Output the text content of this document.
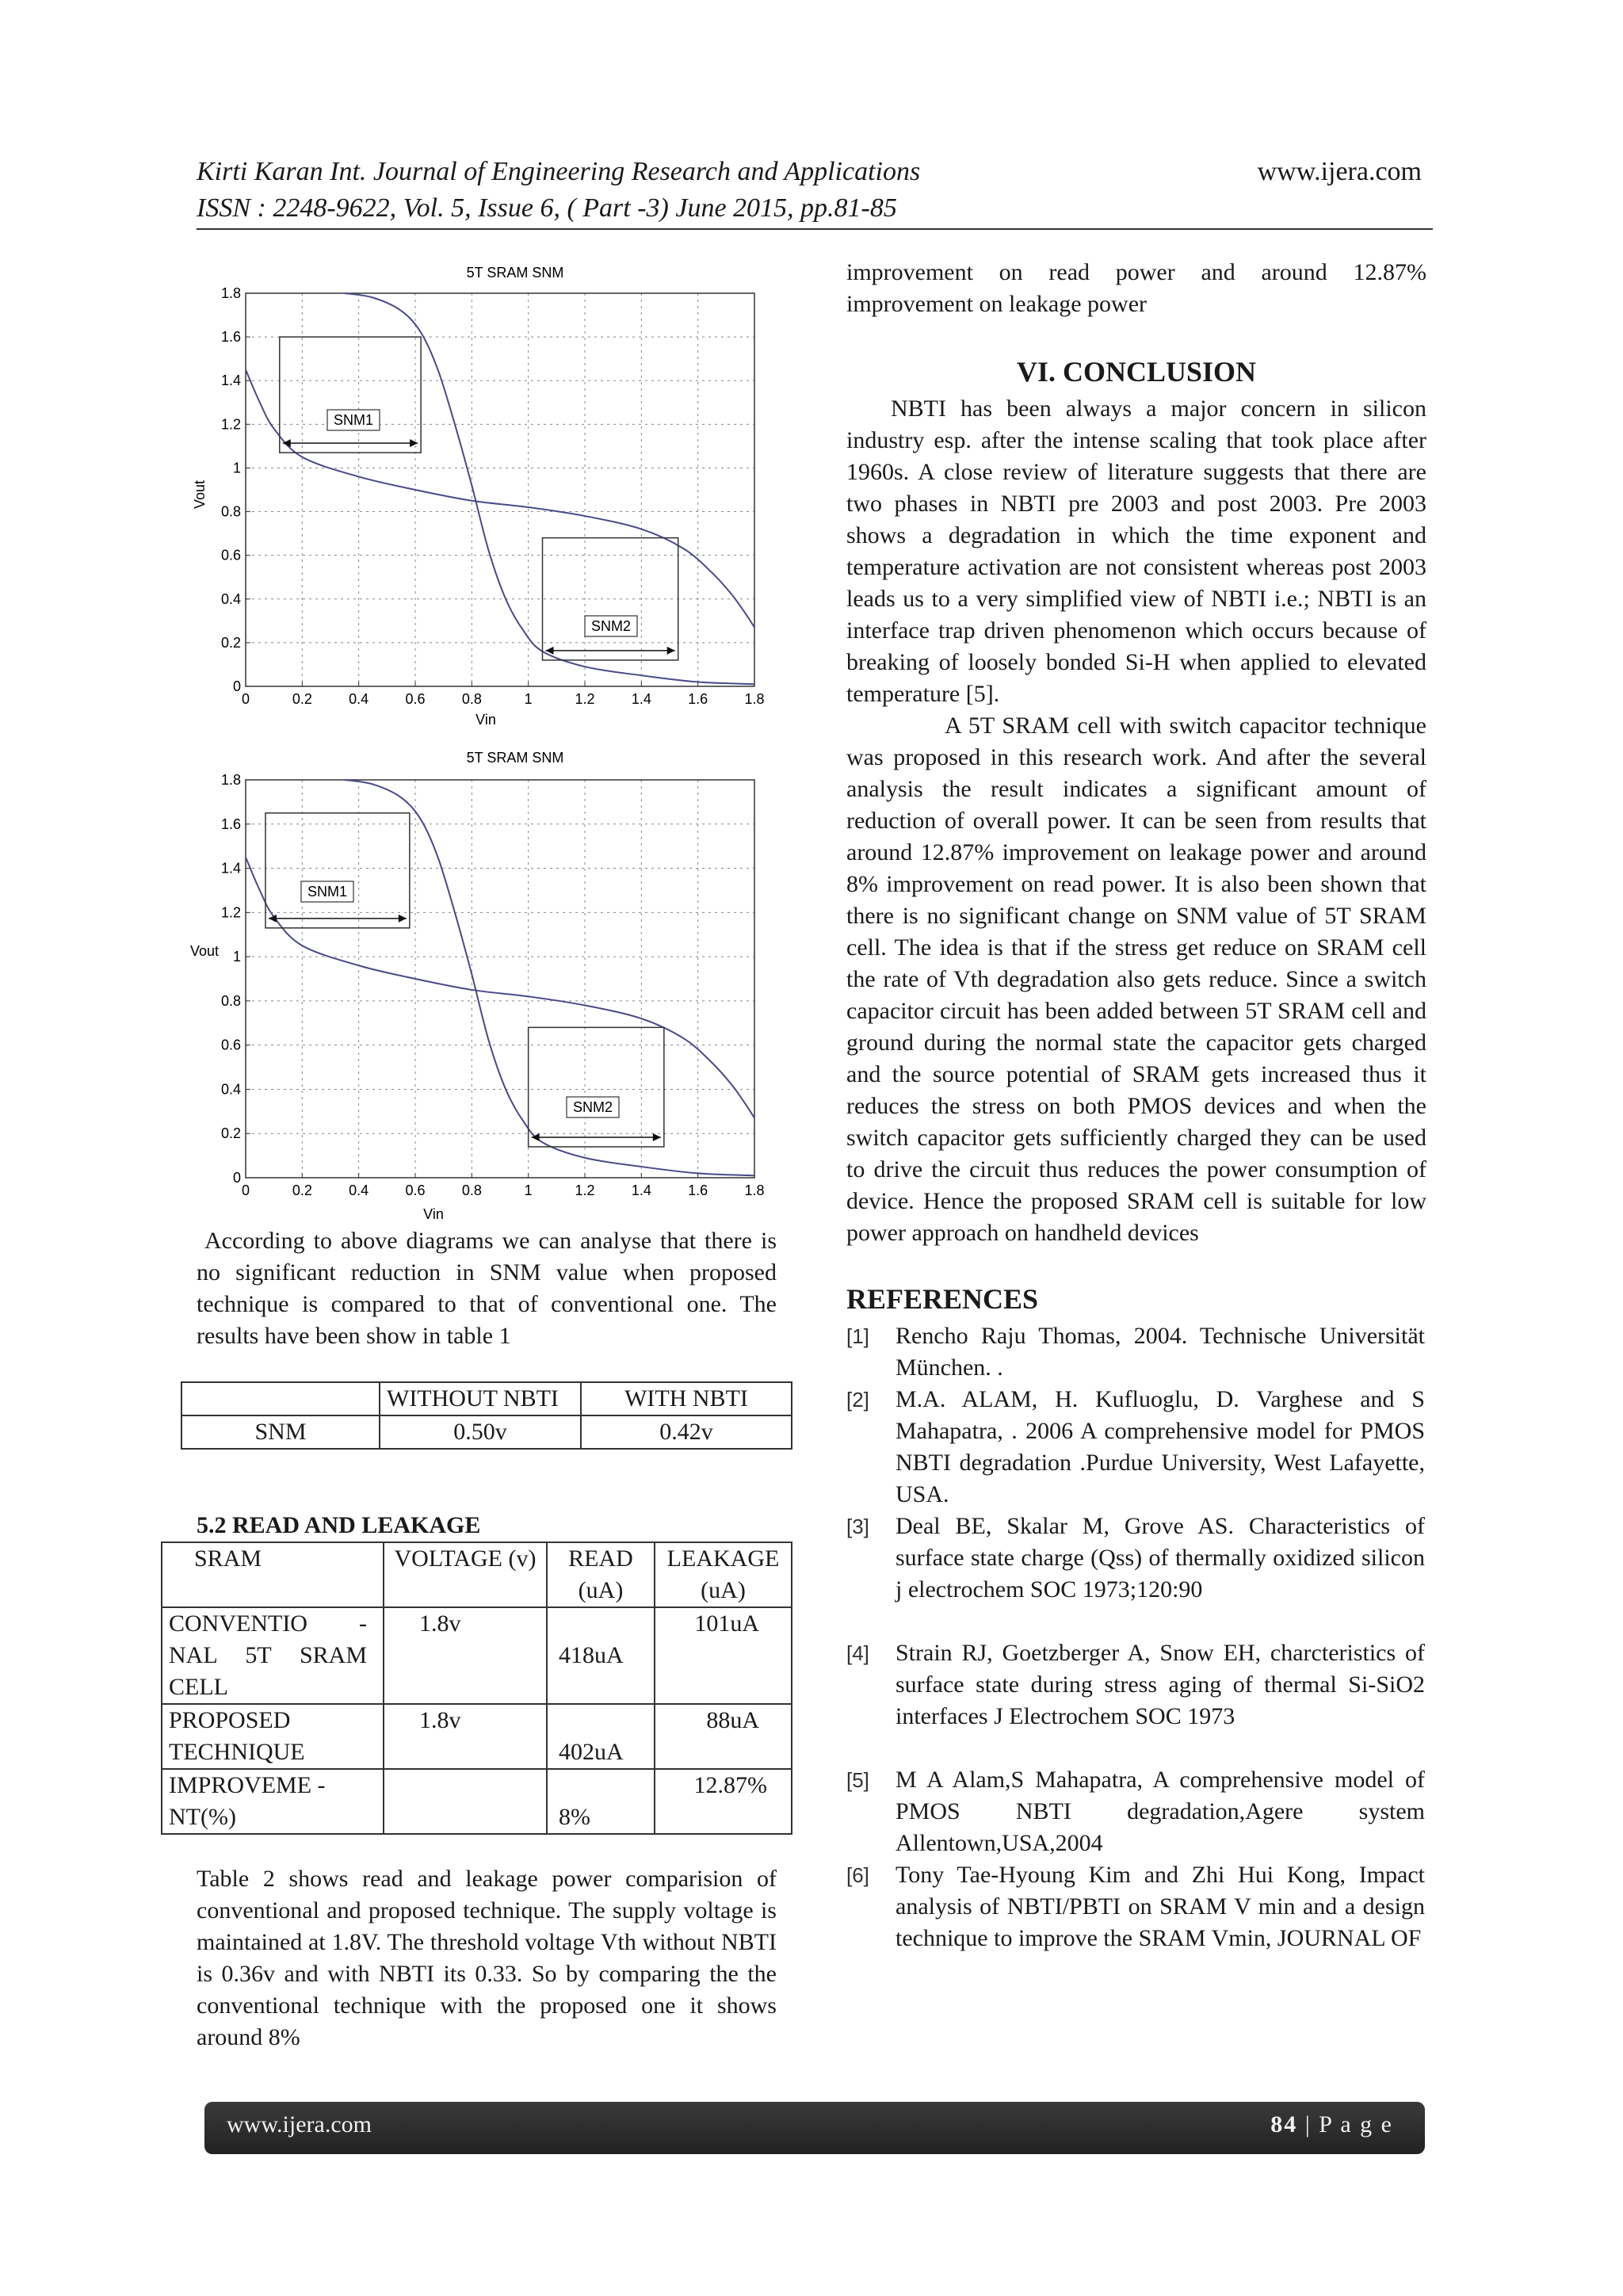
Kirti Karan Int. Journal of Engineering Research and Applications	www.ijera.com
ISSN : 2248-9622, Vol. 5, Issue 6, ( Part -3) June 2015, pp.81-85
5T SRAM SNM
0	0.2	0.4	0.6	0.8	1	1.2	1.4	1.6	1.8
0
0.2
0.4
0.6
0.8
1
1.2
1.4
1.6
1.8
Vin
Vout
SNM1
SNM2
5T SRAM SNM
0	0.2	0.4	0.6	0.8	1	1.2	1.4	1.6	1.8
0
0.2
0.4
0.6
0.8
1
1.2
1.4
1.6
1.8
Vin
Vout
SNM1
SNM2

According to above diagrams we can analyse that there is no significant reduction in SNM value when proposed technique is compared to that of conventional one. The results have been show in table 1

	WITHOUT NBTI	WITH NBTI
SNM	0.50v	0.42v
5.2 READ AND LEAKAGE
SRAM	VOLTAGE (v)	READ (uA)	LEAKAGE (uA)
CONVENTIO -NAL 5T SRAM CELL	1.8v	418uA	101uA
PROPOSED TECHNIQUE	1.8v	402uA	88uA
IMPROVEME -NT(%)		8%	12.87%

Table 2 shows read and leakage power comparision of conventional and proposed technique. The supply voltage is maintained at 1.8V. The threshold voltage Vth without NBTI is 0.36v and with NBTI its 0.33. So by comparing the the conventional technique with the proposed one it shows around 8%

improvement on read power and around 12.87% improvement on leakage power

VI. CONCLUSION

NBTI has been always a major concern in silicon industry esp. after the intense scaling that took place after 1960s. A close review of literature suggests that there are two phases in NBTI pre 2003 and post 2003. Pre 2003 shows a degradation in which the time exponent and temperature activation are not consistent whereas post 2003 leads us to a very simplified view of NBTI i.e.; NBTI is an interface trap driven phenomenon which occurs because of breaking of loosely bonded Si-H when applied to elevated temperature [5].

A 5T SRAM cell with switch capacitor technique was proposed in this research work. And after the several analysis the result indicates a significant amount of reduction of overall power. It can be seen from results that around 12.87% improvement on leakage power and around 8% improvement on read power. It is also been shown that there is no significant change on SNM value of 5T SRAM cell. The idea is that if the stress get reduce on SRAM cell the rate of Vth degradation also gets reduce. Since a switch capacitor circuit has been added between 5T SRAM cell and ground during the normal state the capacitor gets charged and the source potential of SRAM gets increased thus it reduces the stress on both PMOS devices and when the switch capacitor gets sufficiently charged they can be used to drive the circuit thus reduces the power consumption of device. Hence the proposed SRAM cell is suitable for low power approach on handheld devices

REFERENCES
[1] Rencho Raju Thomas, 2004. Technische Universität München. .
[2] M.A. ALAM, H. Kufluoglu, D. Varghese and S Mahapatra, . 2006 A comprehensive model for PMOS NBTI degradation .Purdue University, West Lafayette, USA.
[3] Deal BE, Skalar M, Grove AS. Characteristics of surface state charge (Qss) of thermally oxidized silicon j electrochem SOC 1973;120:90
[4] Strain RJ, Goetzberger A, Snow EH, charcteristics of surface state during stress aging of thermal Si-SiO2 interfaces J Electrochem SOC 1973
[5] M A Alam,S Mahapatra, A comprehensive model of PMOS NBTI degradation,Agere system Allentown,USA,2004
[6] Tony Tae-Hyoung Kim and Zhi Hui Kong, Impact analysis of NBTI/PBTI on SRAM V min and a design technique to improve the SRAM Vmin, JOURNAL OF
www.ijera.com	84 | P a g e
